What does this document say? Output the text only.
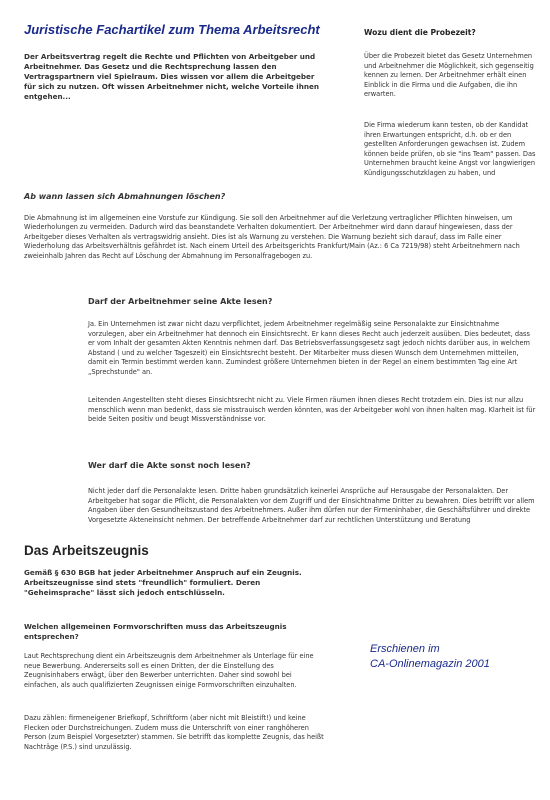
Juristische Fachartikel zum Thema Arbeitsrecht
Der Arbeitsvertrag regelt die Rechte und Pflichten von Arbeitgeber und Arbeitnehmer. Das Gesetz und die Rechtsprechung lassen den Vertragspartnern viel Spielraum. Dies wissen vor allem die Arbeitgeber für sich zu nutzen. Oft wissen Arbeitnehmer nicht, welche Vorteile ihnen entgehen...
Wozu dient die Probezeit?
Über die Probezeit bietet das Gesetz Unternehmen und Arbeitnehmer die Möglichkeit, sich gegenseitig kennen zu lernen. Der Arbeitnehmer erhält einen Einblick in die Firma und die Aufgaben, die ihn erwarten.
Die Firma wiederum kann testen, ob der Kandidat ihren Erwartungen entspricht, d.h. ob er den gestellten Anforderungen gewachsen ist. Zudem können beide prüfen, ob sie "ins Team" passen. Das Unternehmen braucht keine Angst vor langwierigen Kündigungsschutzklagen zu haben, und
Ab wann lassen sich Abmahnungen löschen?
Die Abmahnung ist im allgemeinen eine Vorstufe zur Kündigung. Sie soll den Arbeitnehmer auf die Verletzung vertraglicher Pflichten hinweisen, um Wiederholungen zu vermeiden. Dadurch wird das beanstandete Verhalten dokumentiert. Der Arbeitnehmer wird dann darauf hingewiesen, dass der Arbeitgeber dieses Verhalten als vertragswidrig ansieht. Dies ist als Warnung zu verstehen. Die Warnung bezieht sich darauf, dass im Falle einer Wiederholung das Arbeitsverhältnis gefährdet ist. Nach einem Urteil des Arbeitsgerichts Frankfurt/Main (Az.: 6 Ca 7219/98) steht Arbeitnehmern nach zweieinhalb Jahren das Recht auf Löschung der Abmahnung im Personalfragebogen zu.
Darf der Arbeitnehmer seine Akte lesen?
Ja. Ein Unternehmen ist zwar nicht dazu verpflichtet, jedem Arbeitnehmer regelmäßig seine Personalakte zur Einsichtnahme vorzulegen, aber ein Arbeitnehmer hat dennoch ein Einsichtsrecht. Er kann dieses Recht auch jederzeit ausüben. Dies bedeutet, dass er vom Inhalt der gesamten Akten Kenntnis nehmen darf. Das Betriebsverfassungsgesetz sagt jedoch nichts darüber aus, in welchem Abstand ( und zu welcher Tageszeit) ein Einsichtsrecht besteht. Der Mitarbeiter muss diesen Wunsch dem Unternehmen mitteilen, damit ein Termin bestimmt werden kann. Zumindest größere Unternehmen bieten in der Regel an einem bestimmten Tag eine Art „Sprechstunde" an.
Leitenden Angestellten steht dieses Einsichtsrecht nicht zu. Viele Firmen räumen ihnen dieses Recht trotzdem ein. Dies ist nur allzu menschlich wenn man bedenkt, dass sie misstrauisch werden könnten, was der Arbeitgeber wohl von ihnen halten mag. Klarheit ist für beide Seiten positiv und beugt Missverständnisse vor.
Wer darf die Akte sonst noch lesen?
Nicht jeder darf die Personalakte lesen. Dritte haben grundsätzlich keinerlei Ansprüche auf Herausgabe der Personalakten. Der Arbeitgeber hat sogar die Pflicht, die Personalakten vor dem Zugriff und der Einsichtnahme Dritter zu bewahren. Dies betrifft vor allem Angaben über den Gesundheitszustand des Arbeitnehmers. Außer ihm dürfen nur der Firmeninhaber, die Geschäftsführer und direkte Vorgesetzte Akteneinsicht nehmen. Der betreffende Arbeitnehmer darf zur rechtlichen Unterstützung und Beratung
Das Arbeitszeugnis
Gemäß § 630 BGB hat jeder Arbeitnehmer Anspruch auf ein Zeugnis. Arbeitszeugnisse sind stets "freundlich" formuliert. Deren "Geheimsprache" lässt sich jedoch entschlüsseln.
Welchen allgemeinen Formvorschriften muss das Arbeitszeugnis entsprechen?
Laut Rechtsprechung dient ein Arbeitszeugnis dem Arbeitnehmer als Unterlage für eine neue Bewerbung. Andererseits soll es einen Dritten, der die Einstellung des Zeugnisinhabers erwägt, über den Bewerber unterrichten. Daher sind sowohl bei einfachen, als auch qualifizierten Zeugnissen einige Formvorschriften einzuhalten.
Dazu zählen: firmeneigener Briefkopf, Schriftform (aber nicht mit Bleistift!) und keine Flecken oder Durchstreichungen. Zudem muss die Unterschrift von einer ranghöheren Person (zum Beispiel Vorgesetzter) stammen. Sie betrifft das komplette Zeugnis, das heißt Nachträge (P.S.) sind unzulässig.
Erschienen im
CA-Onlinemagazin 2001
